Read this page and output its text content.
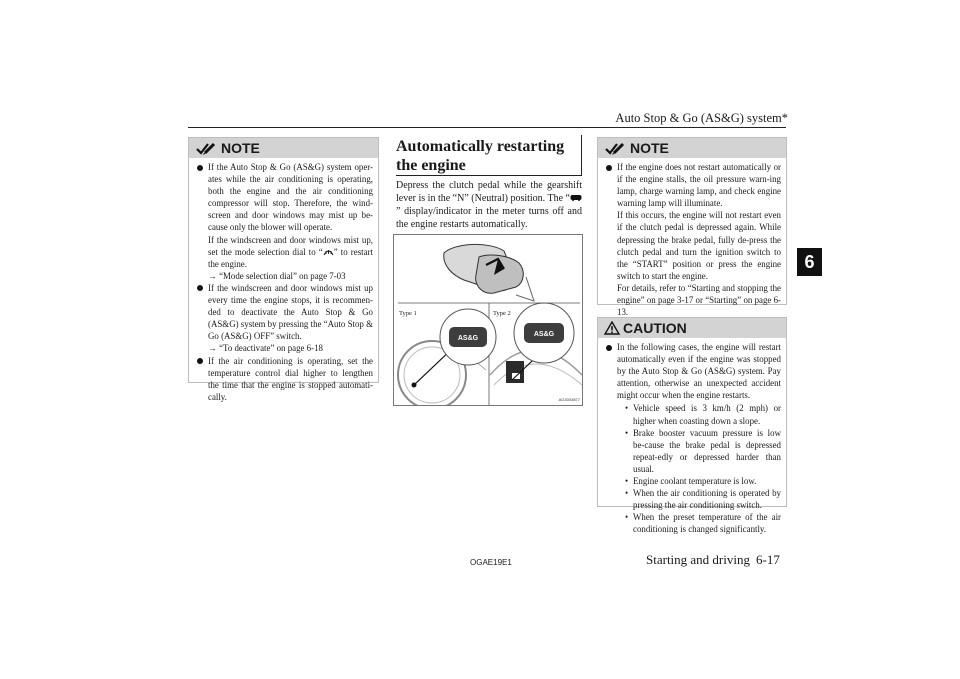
Auto Stop & Go (AS&G) system*
6
NOTE
If the Auto Stop & Go (AS&G) system oper-ates while the air conditioning is operating, both the engine and the air conditioning compressor will stop. Therefore, the wind-screen and door windows may mist up be-cause only the blower will operate.
If the windscreen and door windows mist up, set the mode selection dial to “ ” to restart the engine.
→ “Mode selection dial” on page 7-03
If the windscreen and door windows mist up every time the engine stops, it is recommen-ded to deactivate the Auto Stop & Go (AS&G) system by pressing the “Auto Stop & Go (AS&G) OFF” switch.
→ “To deactivate” on page 6-18
If the air conditioning is operating, set the temperature control dial higher to lengthen the time that the engine is stopped automati-cally.
Automatically restarting the engine
Depress the clutch pedal while the gearshift lever is in the “N” (Neutral) position. The “” display/indicator in the meter turns off and the engine restarts automatically.
Type 1	Type 2
AS&G
AS&G
AG3003877
NOTE
If the engine does not restart automatically or if the engine stalls, the oil pressure warn-ing lamp, charge warning lamp, and check engine warning lamp will illuminate.
If this occurs, the engine will not restart even if the clutch pedal is depressed again. While depressing the brake pedal, fully de-press the clutch pedal and turn the ignition switch to the “START” position or press the engine switch to start the engine.
For details, refer to “Starting and stopping the engine” on page 3-17 or “Starting” on page 6-13.
CAUTION
In the following cases, the engine will restart automatically even if the engine was stopped by the Auto Stop & Go (AS&G) system. Pay attention, otherwise an unexpected accident might occur when the engine restarts.
• Vehicle speed is 3 km/h (2 mph) or higher when coasting down a slope.
• Brake booster vacuum pressure is low be-cause the brake pedal is depressed repeat-edly or depressed harder than usual.
• Engine coolant temperature is low.
• When the air conditioning is operated by pressing the air conditioning switch.
• When the preset temperature of the air conditioning is changed significantly.
OGAE19E1	Starting and driving 6-17
